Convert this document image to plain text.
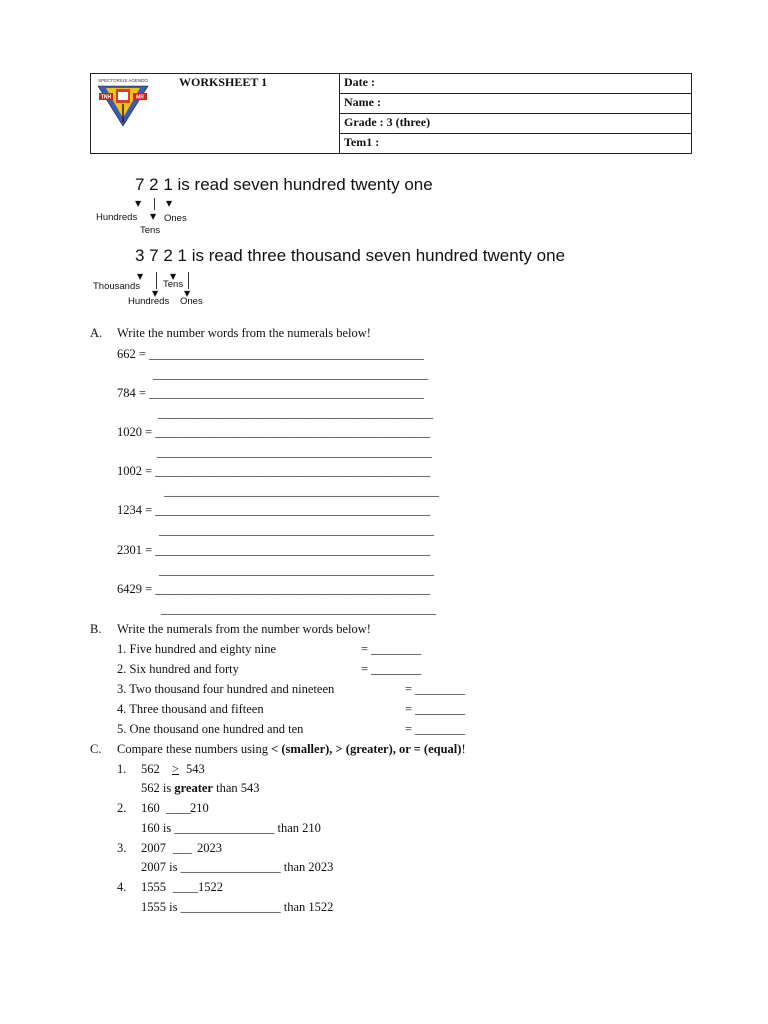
SPECTORIUS AGENDO
TNH	MR
WORKSHEET 1	Date :
Name :
Grade : 3 (three)
Tem1 :
7 2 1 is read seven hundred twenty one
▼
▼
▼
Hundreds	Ones
Tens
3 7 2 1 is read three thousand seven hundred twenty one
▼
▼
▼
▼
Thousands Tens
Hundreds Ones
A. Write the number words from the numerals below!
662 = ____________________________________________
____________________________________________
784 = ____________________________________________
____________________________________________
1020 = ____________________________________________
____________________________________________
1002 = ____________________________________________
____________________________________________
1234 = ____________________________________________
____________________________________________
2301 = ____________________________________________
____________________________________________
6429 = ____________________________________________
____________________________________________
B. Write the numerals from the number words below!
1. Five hundred and eighty nine	= ________
2. Six hundred and forty	= ________
3. Two thousand four hundred and nineteen	= ________
4. Three thousand and fifteen	= ________
5. One thousand one hundred and ten	= ________
C. Compare these numbers using < (smaller), > (greater), or = (equal)!
1. 562 > 543
562 is greater than 543
2. 160 ____ 210
160 is ________________ than 210
3. 2007 ___ 2023
2007 is ________________ than 2023
4. 1555 ____ 1522
1555 is ________________ than 1522
